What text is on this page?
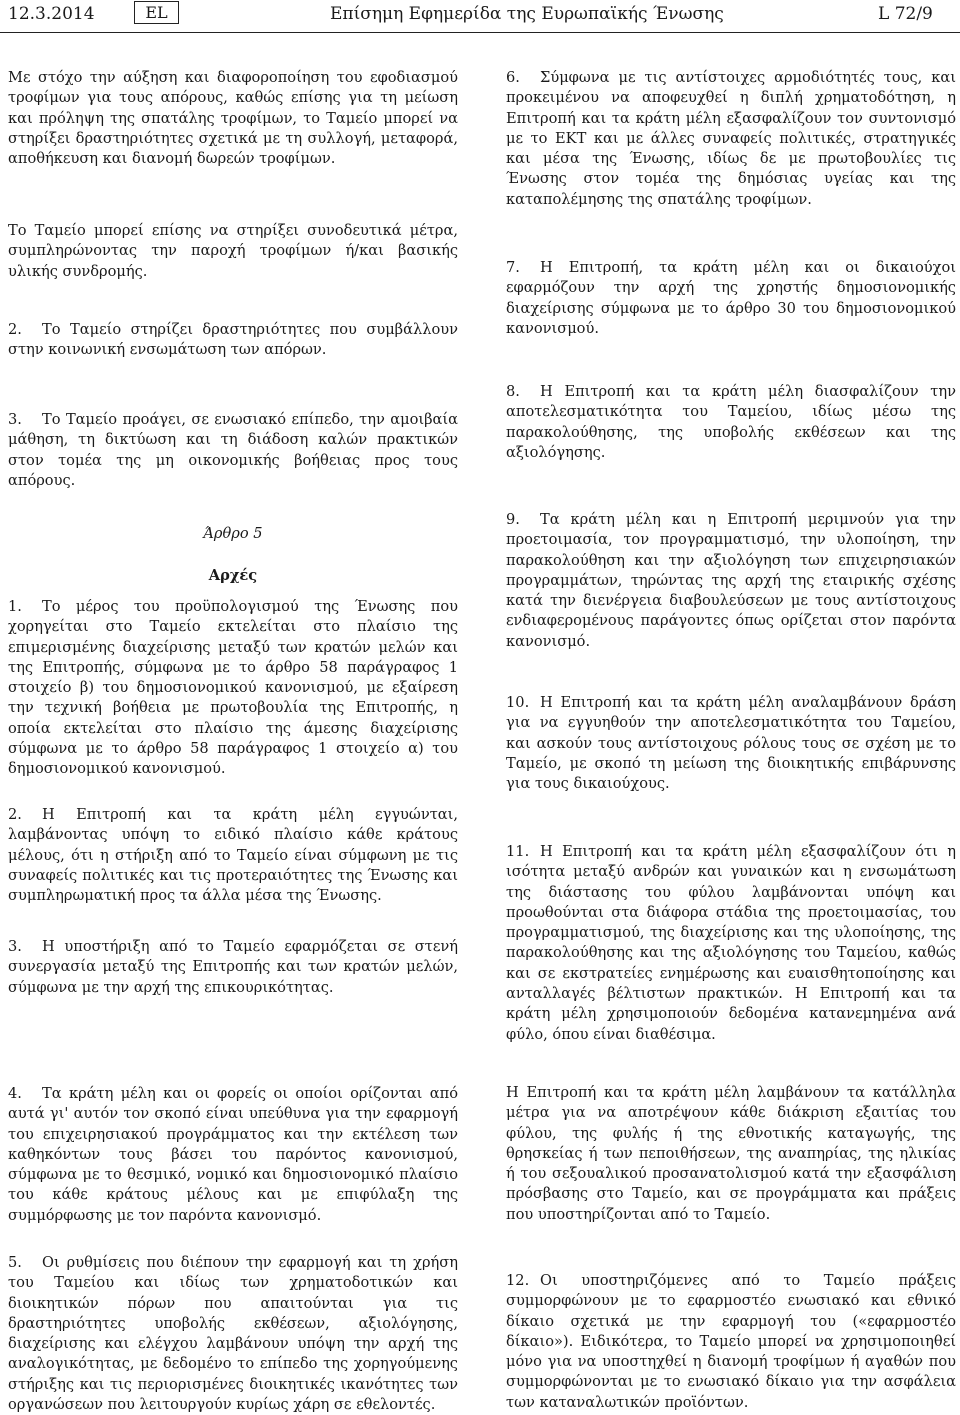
12.3.2014	EL	Επίσημη Εφημερίδα της Ευρωπαϊκής Ένωσης	L 72/9
Με στόχο την αύξηση και διαφοροποίηση του εφοδιασμού τροφίμων για τους απόρους, καθώς επίσης για τη μείωση και πρόληψη της σπατάλης τροφίμων, το Ταμείο μπορεί να στηρίξει δραστηριότητες σχετικά με τη συλλογή, μεταφορά, αποθήκευση και διανομή δωρεών τροφίμων.
Το Ταμείο μπορεί επίσης να στηρίξει συνοδευτικά μέτρα, συμπληρώνοντας την παροχή τροφίμων ή/και βασικής υλικής συνδρομής.
2. Το Ταμείο στηρίζει δραστηριότητες που συμβάλλουν στην κοινωνική ενσωμάτωση των απόρων.
3. Το Ταμείο προάγει, σε ενωσιακό επίπεδο, την αμοιβαία μάθηση, τη δικτύωση και τη διάδοση καλών πρακτικών στον τομέα της μη οικονομικής βοήθειας προς τους απόρους.
Άρθρο 5
Αρχές
1. Το μέρος του προϋπολογισμού της Ένωσης που χορηγείται στο Ταμείο εκτελείται στο πλαίσιο της επιμερισμένης διαχείρισης μεταξύ των κρατών μελών και της Επιτροπής, σύμφωνα με το άρθρο 58 παράγραφος 1 στοιχείο β) του δημοσιονομικού κανονισμού, με εξαίρεση την τεχνική βοήθεια με πρωτοβουλία της Επιτροπής, η οποία εκτελείται στο πλαίσιο της άμεσης διαχείρισης σύμφωνα με το άρθρο 58 παράγραφος 1 στοιχείο α) του δημοσιονομικού κανονισμού.
2. Η Επιτροπή και τα κράτη μέλη εγγυώνται, λαμβάνοντας υπόψη το ειδικό πλαίσιο κάθε κράτους μέλους, ότι η στήριξη από το Ταμείο είναι σύμφωνη με τις συναφείς πολιτικές και τις προτεραιότητες της Ένωσης και συμπληρωματική προς τα άλλα μέσα της Ένωσης.
3. Η υποστήριξη από το Ταμείο εφαρμόζεται σε στενή συνεργασία μεταξύ της Επιτροπής και των κρατών μελών, σύμφωνα με την αρχή της επικουρικότητας.
4. Τα κράτη μέλη και οι φορείς οι οποίοι ορίζονται από αυτά γι' αυτόν τον σκοπό είναι υπεύθυνα για την εφαρμογή του επιχειρησιακού προγράμματος και την εκτέλεση των καθηκόντων τους βάσει του παρόντος κανονισμού, σύμφωνα με το θεσμικό, νομικό και δημοσιονομικό πλαίσιο του κάθε κράτους μέλους και με επιφύλαξη της συμμόρφωσης με τον παρόντα κανονισμό.
5. Οι ρυθμίσεις που διέπουν την εφαρμογή και τη χρήση του Ταμείου και ιδίως των χρηματοδοτικών και διοικητικών πόρων που απαιτούνται για τις δραστηριότητες υποβολής εκθέσεων, αξιολόγησης, διαχείρισης και ελέγχου λαμβάνουν υπόψη την αρχή της αναλογικότητας, με δεδομένο το επίπεδο της χορηγούμενης στήριξης και τις περιορισμένες διοικητικές ικανότητες των οργανώσεων που λειτουργούν κυρίως χάρη σε εθελοντές.
6. Σύμφωνα με τις αντίστοιχες αρμοδιότητές τους, και προκειμένου να αποφευχθεί η διπλή χρηματοδότηση, η Επιτροπή και τα κράτη μέλη εξασφαλίζουν τον συντονισμό με το ΕΚΤ και με άλλες συναφείς πολιτικές, στρατηγικές και μέσα της Ένωσης, ιδίως δε με πρωτοβουλίες τις Ένωσης στον τομέα της δημόσιας υγείας και της καταπολέμησης της σπατάλης τροφίμων.
7. Η Επιτροπή, τα κράτη μέλη και οι δικαιούχοι εφαρμόζουν την αρχή της χρηστής δημοσιονομικής διαχείρισης σύμφωνα με το άρθρο 30 του δημοσιονομικού κανονισμού.
8. Η Επιτροπή και τα κράτη μέλη διασφαλίζουν την αποτελεσματικότητα του Ταμείου, ιδίως μέσω της παρακολούθησης, της υποβολής εκθέσεων και της αξιολόγησης.
9. Τα κράτη μέλη και η Επιτροπή μεριμνούν για την προετοιμασία, τον προγραμματισμό, την υλοποίηση, την παρακολούθηση και την αξιολόγηση των επιχειρησιακών προγραμμάτων, τηρώντας της αρχή της εταιρικής σχέσης κατά την διενέργεια διαβουλεύσεων με τους αντίστοιχους ενδιαφερομένους παράγοντες όπως ορίζεται στον παρόντα κανονισμό.
10. Η Επιτροπή και τα κράτη μέλη αναλαμβάνουν δράση για να εγγυηθούν την αποτελεσματικότητα του Ταμείου, και ασκούν τους αντίστοιχους ρόλους τους σε σχέση με το Ταμείο, με σκοπό τη μείωση της διοικητικής επιβάρυνσης για τους δικαιούχους.
11. Η Επιτροπή και τα κράτη μέλη εξασφαλίζουν ότι η ισότητα μεταξύ ανδρών και γυναικών και η ενσωμάτωση της διάστασης του φύλου λαμβάνονται υπόψη και προωθούνται στα διάφορα στάδια της προετοιμασίας, του προγραμματισμού, της διαχείρισης και της υλοποίησης, της παρακολούθησης και της αξιολόγησης του Ταμείου, καθώς και σε εκστρατείες ενημέρωσης και ευαισθητοποίησης και ανταλλαγές βέλτιστων πρακτικών. Η Επιτροπή και τα κράτη μέλη χρησιμοποιούν δεδομένα κατανεμημένα ανά φύλο, όπου είναι διαθέσιμα.
Η Επιτροπή και τα κράτη μέλη λαμβάνουν τα κατάλληλα μέτρα για να αποτρέψουν κάθε διάκριση εξαιτίας του φύλου, της φυλής ή της εθνοτικής καταγωγής, της θρησκείας ή των πεποιθήσεων, της αναπηρίας, της ηλικίας ή του σεξουαλικού προσανατολισμού κατά την εξασφάλιση πρόσβασης στο Ταμείο, και σε προγράμματα και πράξεις που υποστηρίζονται από το Ταμείο.
12. Οι υποστηριζόμενες από το Ταμείο πράξεις συμμορφώνουν με το εφαρμοστέο ενωσιακό και εθνικό δίκαιο σχετικά με την εφαρμογή του («εφαρμοστέο δίκαιο»). Ειδικότερα, το Ταμείο μπορεί να χρησιμοποιηθεί μόνο για να υποστηχθεί η διανομή τροφίμων ή αγαθών που συμμορφώνονται με το ενωσιακό δίκαιο για την ασφάλεια των καταναλωτικών προϊόντων.
